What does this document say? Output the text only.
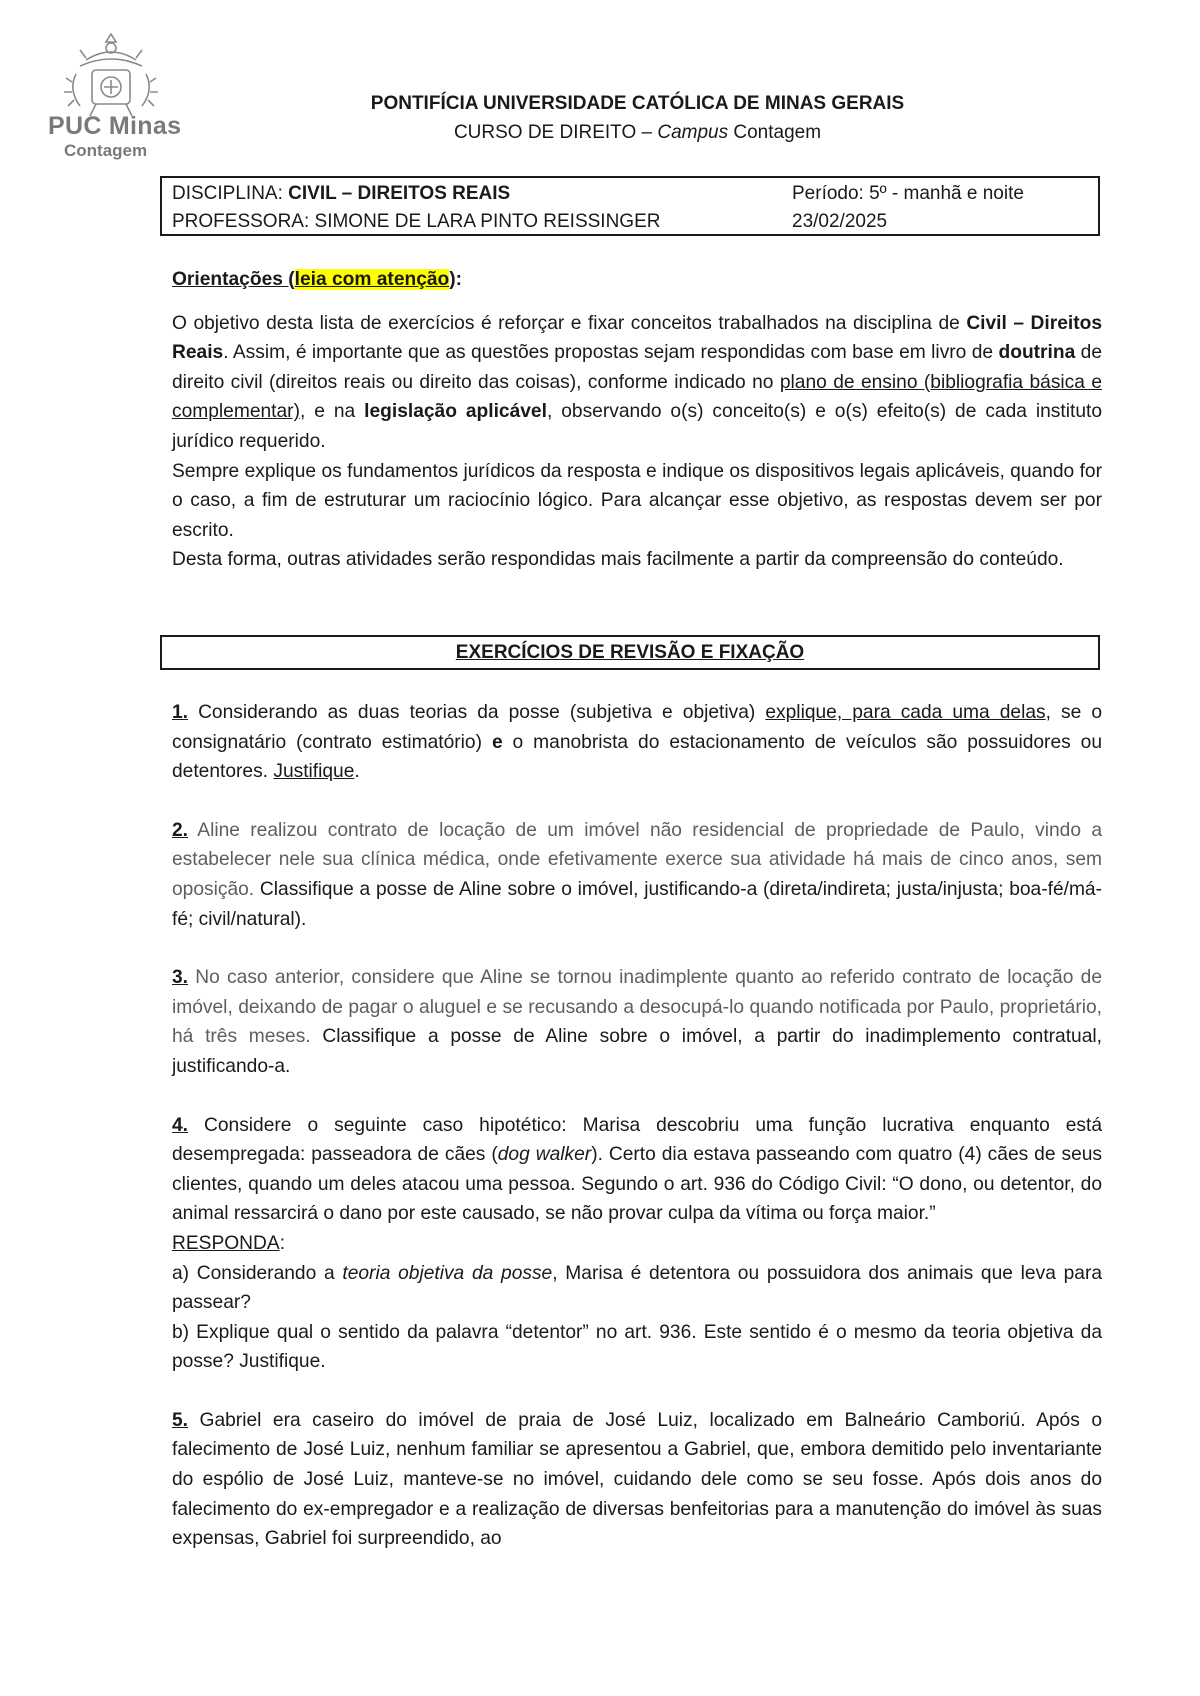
PUC Minas
Contagem
PONTIFÍCIA UNIVERSIDADE CATÓLICA DE MINAS GERAIS
CURSO DE DIREITO – Campus Contagem
DISCIPLINA: CIVIL – DIREITOS REAIS
PROFESSORA: SIMONE DE LARA PINTO REISSINGER
Período: 5º - manhã e noite
23/02/2025

Orientações (leia com atenção):

O objetivo desta lista de exercícios é reforçar e fixar conceitos trabalhados na disciplina de Civil – Direitos Reais. Assim, é importante que as questões propostas sejam respondidas com base em livro de doutrina de direito civil (direitos reais ou direito das coisas), conforme indicado no plano de ensino (bibliografia básica e complementar), e na legislação aplicável, observando o(s) conceito(s) e o(s) efeito(s) de cada instituto jurídico requerido.

Sempre explique os fundamentos jurídicos da resposta e indique os dispositivos legais aplicáveis, quando for o caso, a fim de estruturar um raciocínio lógico. Para alcançar esse objetivo, as respostas devem ser por escrito.

Desta forma, outras atividades serão respondidas mais facilmente a partir da compreensão do conteúdo.

EXERCÍCIOS DE REVISÃO E FIXAÇÃO

1. Considerando as duas teorias da posse (subjetiva e objetiva) explique, para cada uma delas, se o consignatário (contrato estimatório) e o manobrista do estacionamento de veículos são possuidores ou detentores. Justifique.

2. Aline realizou contrato de locação de um imóvel não residencial de propriedade de Paulo, vindo a estabelecer nele sua clínica médica, onde efetivamente exerce sua atividade há mais de cinco anos, sem oposição. Classifique a posse de Aline sobre o imóvel, justificando-a (direta/indireta; justa/injusta; boa-fé/má-fé; civil/natural).

3. No caso anterior, considere que Aline se tornou inadimplente quanto ao referido contrato de locação de imóvel, deixando de pagar o aluguel e se recusando a desocupá-lo quando notificada por Paulo, proprietário, há três meses. Classifique a posse de Aline sobre o imóvel, a partir do inadimplemento contratual, justificando-a.

4. Considere o seguinte caso hipotético: Marisa descobriu uma função lucrativa enquanto está desempregada: passeadora de cães (dog walker). Certo dia estava passeando com quatro (4) cães de seus clientes, quando um deles atacou uma pessoa. Segundo o art. 936 do Código Civil: “O dono, ou detentor, do animal ressarcirá o dano por este causado, se não provar culpa da vítima ou força maior.”

RESPONDA:

a) Considerando a teoria objetiva da posse, Marisa é detentora ou possuidora dos animais que leva para passear?

b) Explique qual o sentido da palavra “detentor” no art. 936. Este sentido é o mesmo da teoria objetiva da posse? Justifique.

5. Gabriel era caseiro do imóvel de praia de José Luiz, localizado em Balneário Camboriú. Após o falecimento de José Luiz, nenhum familiar se apresentou a Gabriel, que, embora demitido pelo inventariante do espólio de José Luiz, manteve-se no imóvel, cuidando dele como se seu fosse. Após dois anos do falecimento do ex-empregador e a realização de diversas benfeitorias para a manutenção do imóvel às suas expensas, Gabriel foi surpreendido, ao
